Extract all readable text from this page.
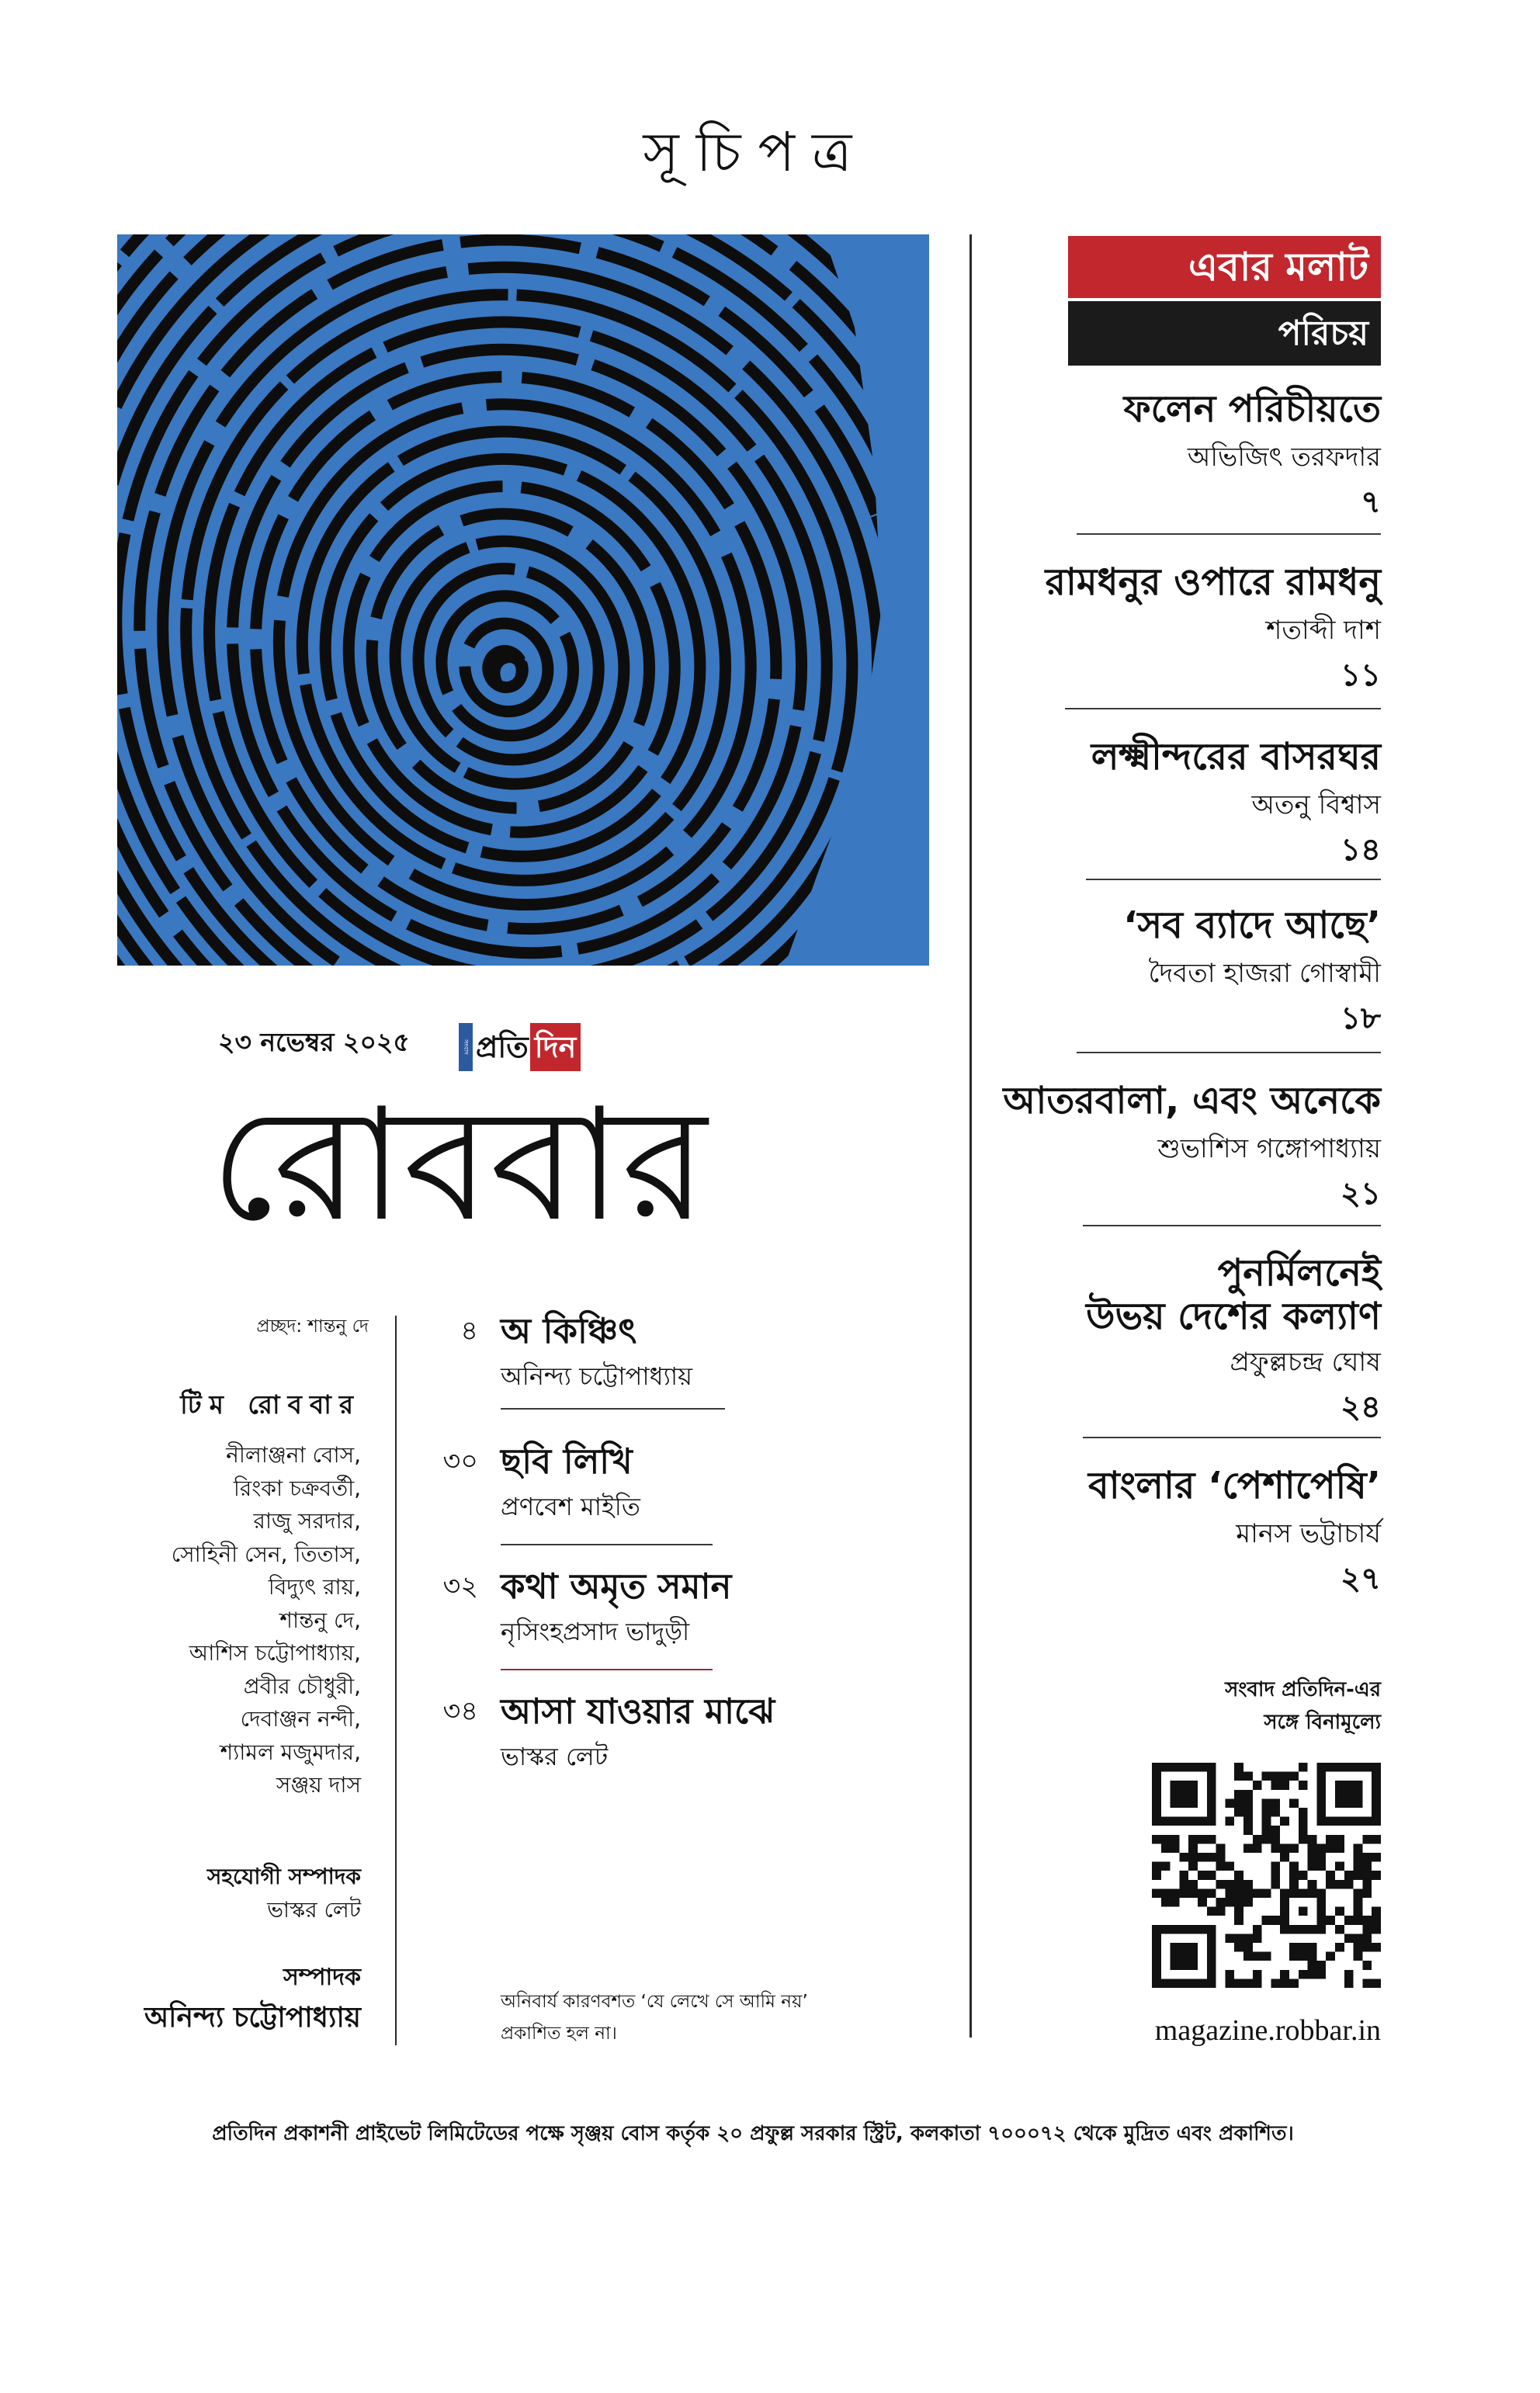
সূচিপত্র
এবার মলাট
পরিচয়
ফলেন পরিচীয়তে
অভিজিৎ তরফদার
৭
রামধনুর ওপারে রামধনু
শতাব্দী দাশ
১১
লক্ষ্মীন্দরের বাসরঘর
অতনু বিশ্বাস
১৪
‘সব ব্যাদে আছে’
দৈবতা হাজরা গোস্বামী
১৮
আতরবালা, এবং অনেকে
শুভাশিস গঙ্গোপাধ্যায়
২১
পুনর্মিলনেই
উভয় দেশের কল্যাণ
প্রফুল্লচন্দ্র ঘোষ
২৪
বাংলার ‘পেশাপেষি’
মানস ভট্টাচার্য
২৭
২৩ নভেম্বর ২০২৫	সংবাদ প্রতি দিন
রোববার
প্রচ্ছদ: শান্তনু দে
টিম রোববার
নীলাঞ্জনা বোস,
রিংকা চক্রবর্তী,
রাজু সরদার,
সোহিনী সেন, তিতাস,
বিদ্যুৎ রায়,
শান্তনু দে,
আশিস চট্টোপাধ্যায়,
প্রবীর চৌধুরী,
দেবাঞ্জন নন্দী,
শ্যামল মজুমদার,
সঞ্জয় দাস
সহযোগী সম্পাদক
ভাস্কর লেট
সম্পাদক
অনিন্দ্য চট্টোপাধ্যায়
৪ অ কিঞ্চিৎ
অনিন্দ্য চট্টোপাধ্যায়
৩০ ছবি লিখি
প্রণবেশ মাইতি
৩২ কথা অমৃত সমান
নৃসিংহপ্রসাদ ভাদুড়ী
৩৪ আসা যাওয়ার মাঝে
ভাস্কর লেট
অনিবার্য কারণবশত ‘যে লেখে সে আমি নয়’
প্রকাশিত হল না।
সংবাদ প্রতিদিন-এর
সঙ্গে বিনামূল্যে
magazine.robbar.in
প্রতিদিন প্রকাশনী প্রাইভেট লিমিটেডের পক্ষে সৃঞ্জয় বোস কর্তৃক ২০ প্রফুল্ল সরকার স্ট্রিট, কলকাতা ৭০০০৭২ থেকে মুদ্রিত এবং প্রকাশিত।
